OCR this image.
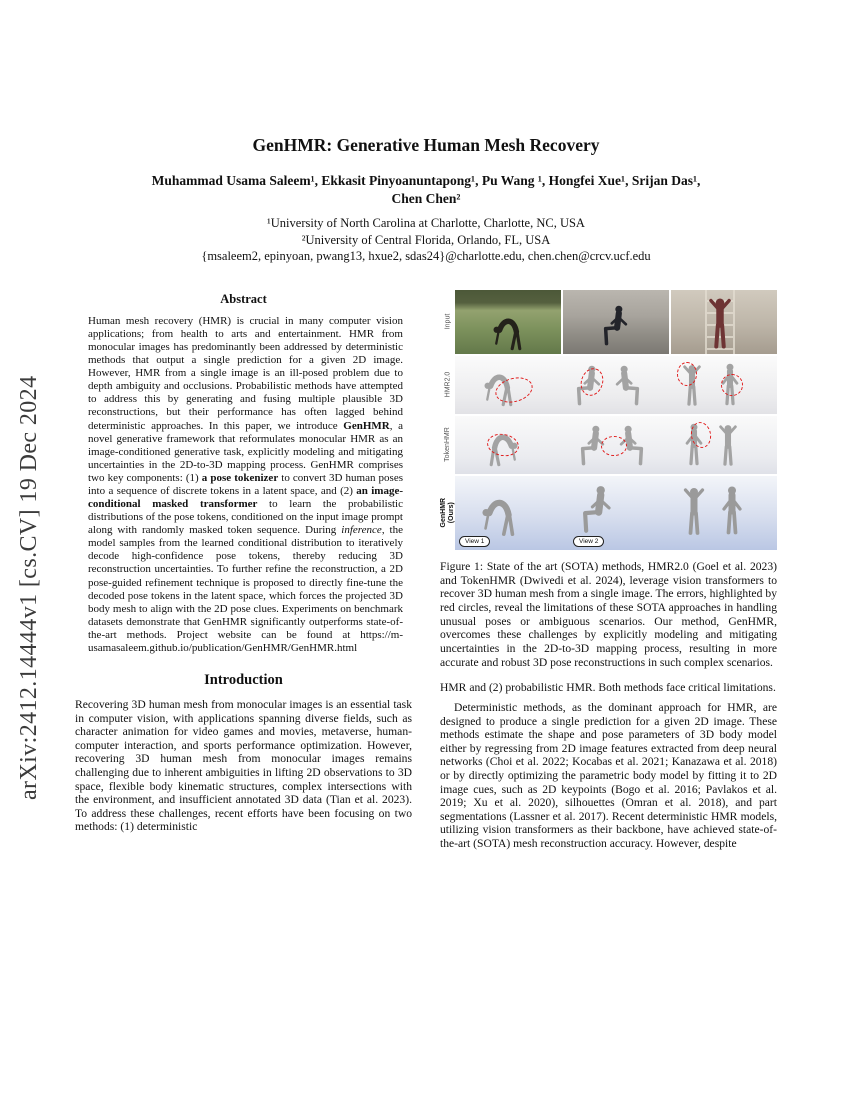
arXiv:2412.14444v1 [cs.CV] 19 Dec 2024
GenHMR: Generative Human Mesh Recovery
Muhammad Usama Saleem¹, Ekkasit Pinyoanuntapong¹, Pu Wang ¹, Hongfei Xue¹, Srijan Das¹,
Chen Chen²
¹University of North Carolina at Charlotte, Charlotte, NC, USA
²University of Central Florida, Orlando, FL, USA
{msaleem2, epinyoan, pwang13, hxue2, sdas24}@charlotte.edu, chen.chen@crcv.ucf.edu
Abstract

Human mesh recovery (HMR) is crucial in many computer vision applications; from health to arts and entertainment. HMR from monocular images has predominantly been addressed by deterministic methods that output a single prediction for a given 2D image. However, HMR from a single image is an ill-posed problem due to depth ambiguity and occlusions. Probabilistic methods have attempted to address this by generating and fusing multiple plausible 3D reconstructions, but their performance has often lagged behind deterministic approaches. In this paper, we introduce GenHMR, a novel generative framework that reformulates monocular HMR as an image-conditioned generative task, explicitly modeling and mitigating uncertainties in the 2D-to-3D mapping process. GenHMR comprises two key components: (1) a pose tokenizer to convert 3D human poses into a sequence of discrete tokens in a latent space, and (2) an image-conditional masked transformer to learn the probabilistic distributions of the pose tokens, conditioned on the input image prompt along with randomly masked token sequence. During inference, the model samples from the learned conditional distribution to iteratively decode high-confidence pose tokens, thereby reducing 3D reconstruction uncertainties. To further refine the reconstruction, a 2D pose-guided refinement technique is proposed to directly fine-tune the decoded pose tokens in the latent space, which forces the projected 3D body mesh to align with the 2D pose clues. Experiments on benchmark datasets demonstrate that GenHMR significantly outperforms state-of-the-art methods. Project website can be found at https://m-usamasaleem.github.io/publication/GenHMR/GenHMR.html

Introduction

Recovering 3D human mesh from monocular images is an essential task in computer vision, with applications spanning diverse fields, such as character animation for video games and movies, metaverse, human-computer interaction, and sports performance optimization. However, recovering 3D human mesh from monocular images remains challenging due to inherent ambiguities in lifting 2D observations to 3D space, flexible body kinematic structures, complex intersections with the environment, and insufficient annotated 3D data (Tian et al. 2023). To address these challenges, recent efforts have been focusing on two methods: (1) deterministic

Input
HMR2.0
TokenHMR
GenHMR (Ours)
View 1	View 2
Figure 1: State of the art (SOTA) methods, HMR2.0 (Goel et al. 2023) and TokenHMR (Dwivedi et al. 2024), leverage vision transformers to recover 3D human mesh from a single image. The errors, highlighted by red circles, reveal the limitations of these SOTA approaches in handling unusual poses or ambiguous scenarios. Our method, GenHMR, overcomes these challenges by explicitly modeling and mitigating uncertainties in the 2D-to-3D mapping process, resulting in more accurate and robust 3D pose reconstructions in such complex scenarios.

HMR and (2) probabilistic HMR. Both methods face critical limitations.

Deterministic methods, as the dominant approach for HMR, are designed to produce a single prediction for a given 2D image. These methods estimate the shape and pose parameters of 3D body model either by regressing from 2D image features extracted from deep neural networks (Choi et al. 2022; Kocabas et al. 2021; Kanazawa et al. 2018) or by directly optimizing the parametric body model by fitting it to 2D image cues, such as 2D keypoints (Bogo et al. 2016; Pavlakos et al. 2019; Xu et al. 2020), silhouettes (Omran et al. 2018), and part segmentations (Lassner et al. 2017). Recent deterministic HMR models, utilizing vision transformers as their backbone, have achieved state-of-the-art (SOTA) mesh reconstruction accuracy. However, despite
